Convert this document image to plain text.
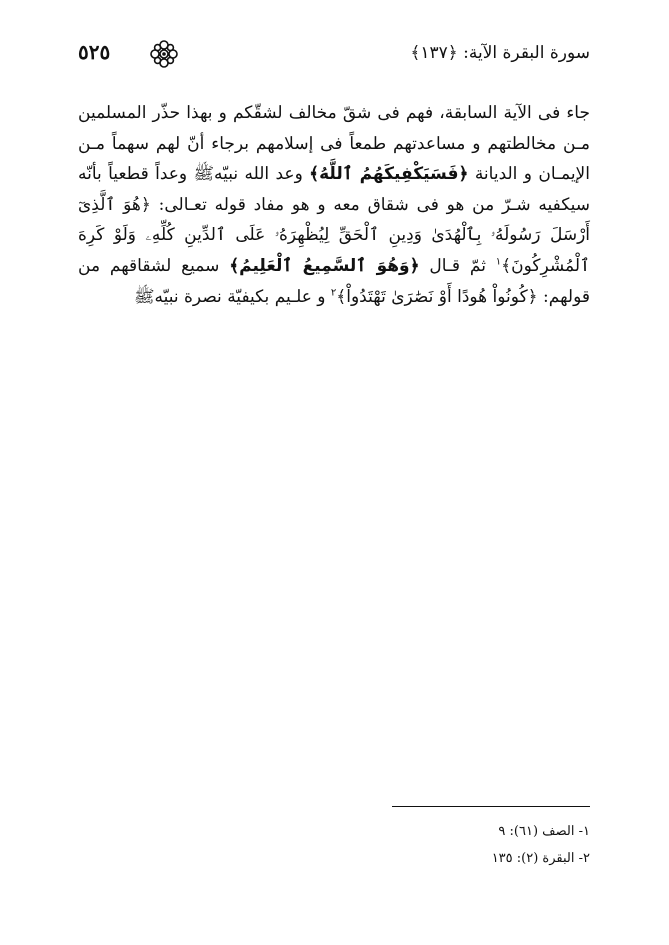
سورة البقرة الآية: ﴿١٣٧﴾
٥٢٥

جاء فى الآية السابقة، فهم فى شقّ مخالف لشقّكم و بهذا حذّر المسلمين مـن مخالطتهم و مساعدتهم طمعاً فى إسلامهم برجاء أنّ لهم سهماً مـن الإيمـان و الديانة ﴿فَسَيَكْفِيكَهُمُ ٱللَّهُ﴾ وعد الله نبيّهﷺ وعداً قطعياً بأنّه سيكفيه شـرّ من هو فى شقاق معه و هو مفاد قوله تعـالى: ﴿هُوَ ٱلَّذِىٓ أَرْسَلَ رَسُولَهُۥ بِٱلْهُدَىٰ وَدِينِ ٱلْحَقِّ لِيُظْهِرَهُۥ عَلَى ٱلدِّينِ كُلِّهِۦ وَلَوْ كَرِهَ ٱلْمُشْرِكُونَ﴾$^١$ ثمّ قـال ﴿وَهُوَ ٱلسَّمِيعُ ٱلْعَلِيمُ﴾ سميع لشقاقهم من قولهم: ﴿كُونُواْ هُودًا أَوْ نَصَٰرَىٰ تَهْتَدُواْ﴾$^٢$ و علـيم بكيفيّة نصرة نبيّهﷺ

١- الصف (٦١): ٩
٢- البقرة (٢): ١٣٥
